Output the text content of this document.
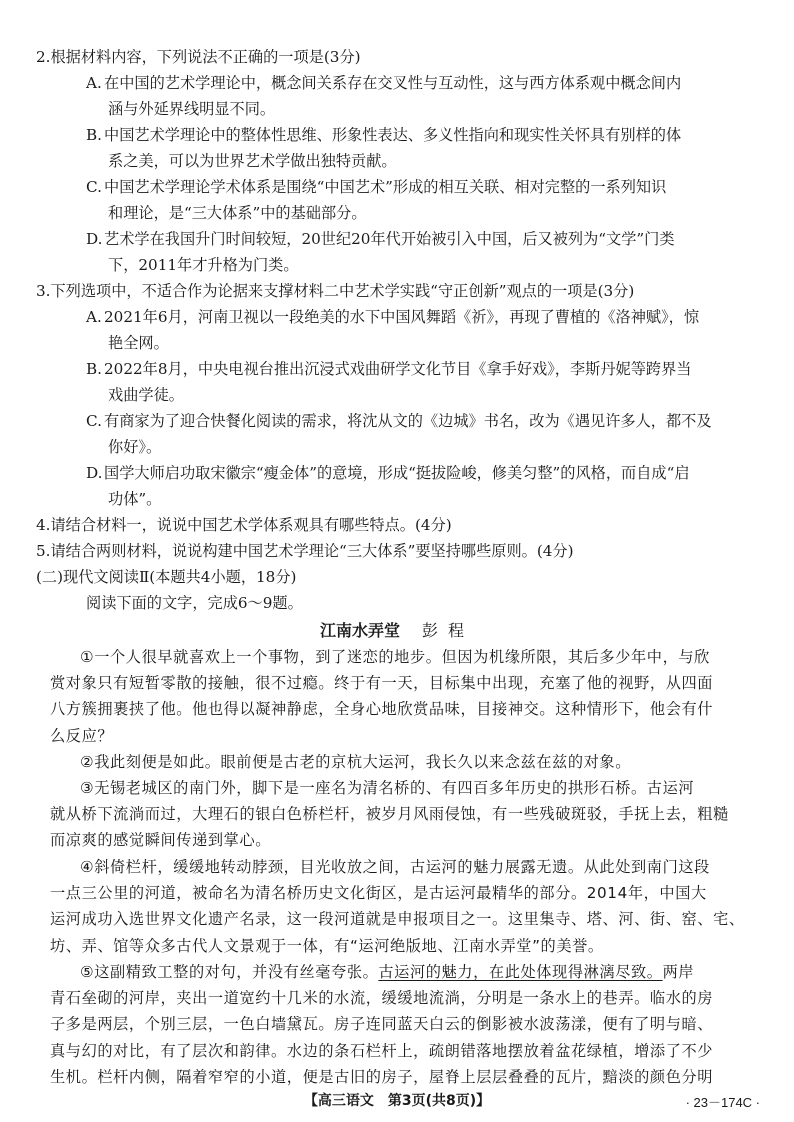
2.根据材料内容，下列说法不正确的一项是(3分)

A. 在中国的艺术学理论中，概念间关系存在交叉性与互动性，这与西方体系观中概念间内

涵与外延界线明显不同。
B. 中国艺术学理论中的整体性思维、形象性表达、多义性指向和现实性关怀具有别样的体

系之美，可以为世界艺术学做出独特贡献。
C. 中国艺术学理论学术体系是围绕“中国艺术”形成的相互关联、相对完整的一系列知识

和理论，是“三大体系”中的基础部分。
D. 艺术学在我国升门时间较短，20世纪20年代开始被引入中国，后又被列为“文学”门类

下，2011年才升格为门类。

3.下列选项中，不适合作为论据来支撑材料二中艺术学实践“守正创新”观点的一项是(3分)

A. 2021年6月，河南卫视以一段绝美的水下中国风舞蹈《祈》，再现了曹植的《洛神赋》，惊

艳全网。
B. 2022年8月，中央电视台推出沉浸式戏曲研学文化节目《拿手好戏》，李斯丹妮等跨界当

戏曲学徒。
C. 有商家为了迎合快餐化阅读的需求，将沈从文的《边城》书名，改为《遇见许多人，都不及

你好》。
D. 国学大师启功取宋徽宗“瘦金体”的意境，形成“挺拔险峻，修美匀整”的风格，而自成“启

功体”。

4.请结合材料一，说说中国艺术学体系观具有哪些特点。(4分)

5.请结合两则材料，说说构建中国艺术学理论“三大体系”要坚持哪些原则。(4分)

(二)现代文阅读Ⅱ(本题共4小题，18分)

阅读下面的文字，完成6～9题。

江南水弄堂 彭程

①一个人很早就喜欢上一个事物，到了迷恋的地步。但因为机缘所限，其后多少年中，与欣
赏对象只有短暂零散的接触，很不过瘾。终于有一天，目标集中出现，充塞了他的视野，从四面
八方簇拥裹挟了他。他也得以凝神静虑，全身心地欣赏品味，目接神交。这种情形下，他会有什
么反应？
②我此刻便是如此。眼前便是古老的京杭大运河，我长久以来念兹在兹的对象。
③无锡老城区的南门外，脚下是一座名为清名桥的、有四百多年历史的拱形石桥。古运河
就从桥下流淌而过，大理石的银白色桥栏杆，被岁月风雨侵蚀，有一些残破斑驳，手抚上去，粗糙
而凉爽的感觉瞬间传递到掌心。
④斜倚栏杆，缓缓地转动脖颈，目光收放之间，古运河的魅力展露无遗。从此处到南门这段
一点三公里的河道，被命名为清名桥历史文化街区，是古运河最精华的部分。2014年，中国大
运河成功入选世界文化遗产名录，这一段河道就是申报项目之一。这里集寺、塔、河、街、窑、宅、
坊、弄、馆等众多古代人文景观于一体，有“运河绝版地、江南水弄堂”的美誉。
⑤这副精致工整的对句，并没有丝毫夸张。古运河的魅力，在此处体现得淋漓尽致。两岸
青石垒砌的河岸，夹出一道宽约十几米的水流，缓缓地流淌，分明是一条水上的巷弄。临水的房
子多是两层，个别三层，一色白墙黛瓦。房子连同蓝天白云的倒影被水波荡漾，便有了明与暗、
真与幻的对比，有了层次和韵律。水边的条石栏杆上，疏朗错落地摆放着盆花绿植，增添了不少
生机。栏杆内侧，隔着窄窄的小道，便是古旧的房子，屋脊上层层叠叠的瓦片，黯淡的颜色分明

【高三语文　第3页(共8页)】	· 23－174C ·
